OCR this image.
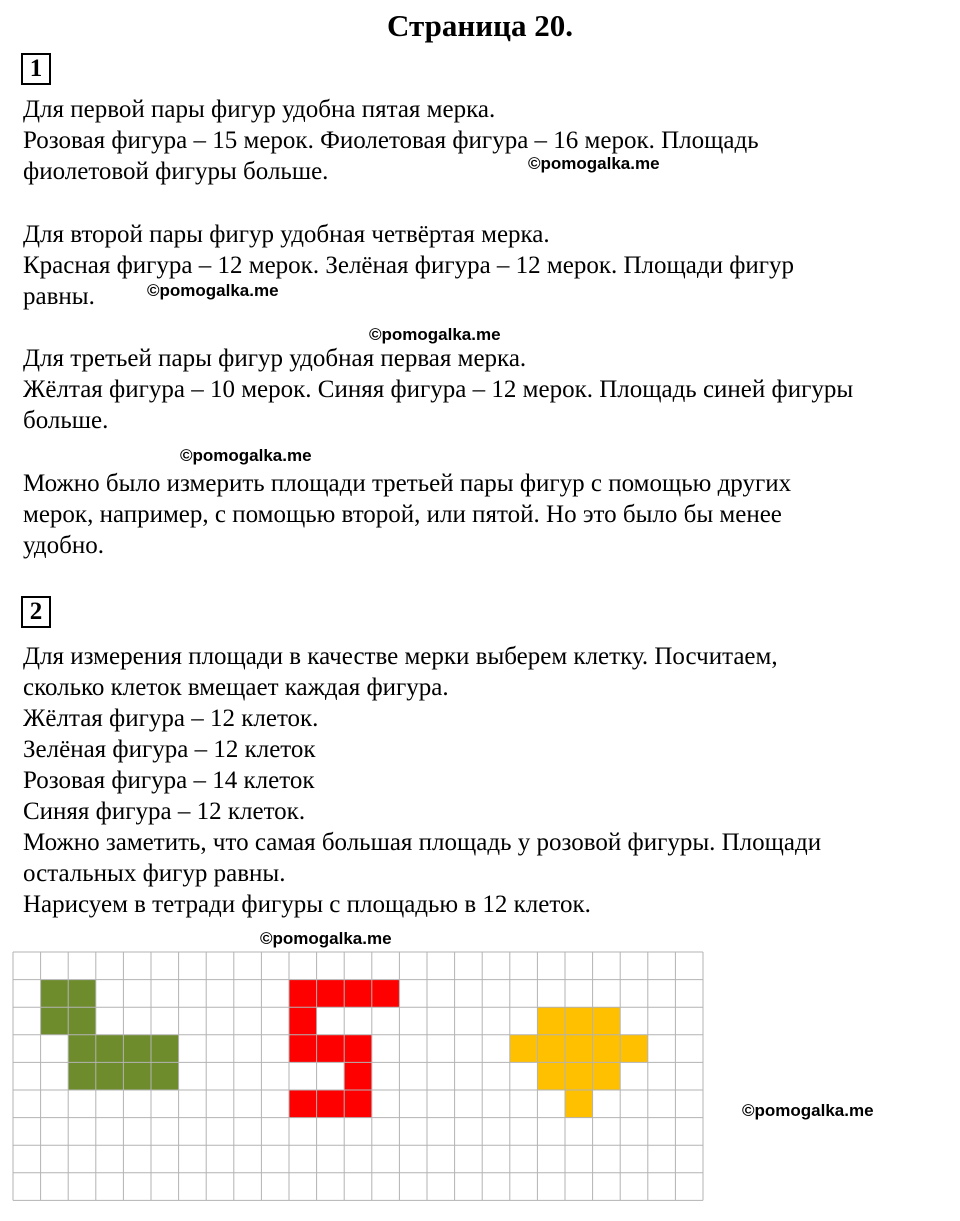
Страница 20.
1
Для первой пары фигур удобна пятая мерка.
Розовая фигура – 15 мерок. Фиолетовая фигура – 16 мерок. Площадь
фиолетовой фигуры больше.
Для второй пары фигур удобная четвёртая мерка.
Красная фигура – 12 мерок. Зелёная фигура – 12 мерок. Площади фигур
равны.
Для третьей пары фигур удобная первая мерка.
Жёлтая фигура – 10 мерок. Синяя фигура – 12 мерок. Площадь синей фигуры
больше.
Можно было измерить площади третьей пары фигур с помощью других
мерок, например, с помощью второй, или пятой. Но это было бы менее
удобно.
2
Для измерения площади в качестве мерки выберем клетку. Посчитаем,
сколько клеток вмещает каждая фигура.
Жёлтая фигура – 12 клеток.
Зелёная фигура – 12 клеток
Розовая фигура – 14 клеток
Синяя фигура – 12 клеток.
Можно заметить, что самая большая площадь у розовой фигуры. Площади
остальных фигур равны.
Нарисуем в тетради фигуры с площадью в 12 клеток.
©pomogalka.me
©pomogalka.me
©pomogalka.me
©pomogalka.me
©pomogalka.me
©pomogalka.me
